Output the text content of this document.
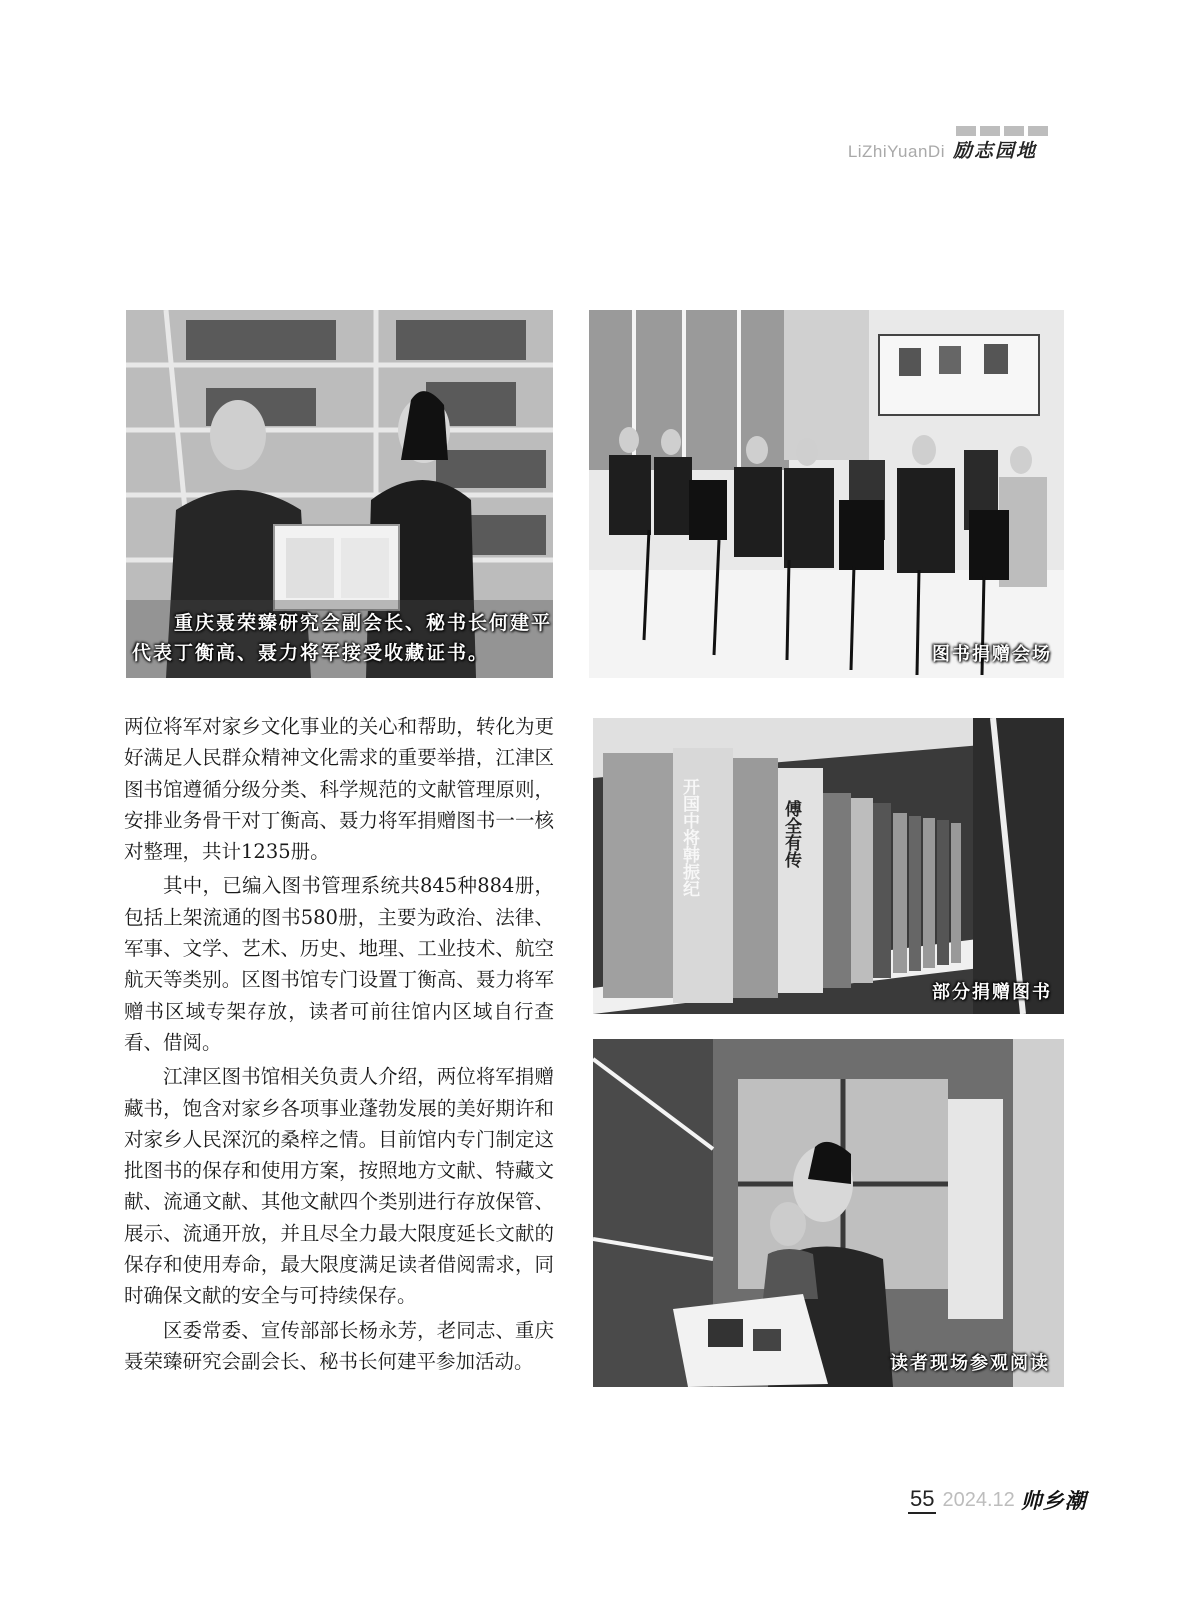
LiZhiYuanDi 励志园地
重庆聂荣臻研究会副会长、秘书长何建平
代表丁衡高、聂力将军接受收藏证书。	图书捐赠会场
开国中将韩振纪	傅全有传
部分捐赠图书
读者现场参观阅读

两位将军对家乡文化事业的关心和帮助，转化为更好满足人民群众精神文化需求的重要举措，江津区图书馆遵循分级分类、科学规范的文献管理原则，安排业务骨干对丁衡高、聂力将军捐赠图书一一核对整理，共计1235册。

其中，已编入图书管理系统共845种884册，包括上架流通的图书580册，主要为政治、法律、军事、文学、艺术、历史、地理、工业技术、航空航天等类别。区图书馆专门设置丁衡高、聂力将军赠书区域专架存放，读者可前往馆内区域自行查看、借阅。

江津区图书馆相关负责人介绍，两位将军捐赠藏书，饱含对家乡各项事业蓬勃发展的美好期许和对家乡人民深沉的桑梓之情。目前馆内专门制定这批图书的保存和使用方案，按照地方文献、特藏文献、流通文献、其他文献四个类别进行存放保管、展示、流通开放，并且尽全力最大限度延长文献的保存和使用寿命，最大限度满足读者借阅需求，同时确保文献的安全与可持续保存。

区委常委、宣传部部长杨永芳，老同志、重庆聂荣臻研究会副会长、秘书长何建平参加活动。

55 2024.12 帅乡潮
